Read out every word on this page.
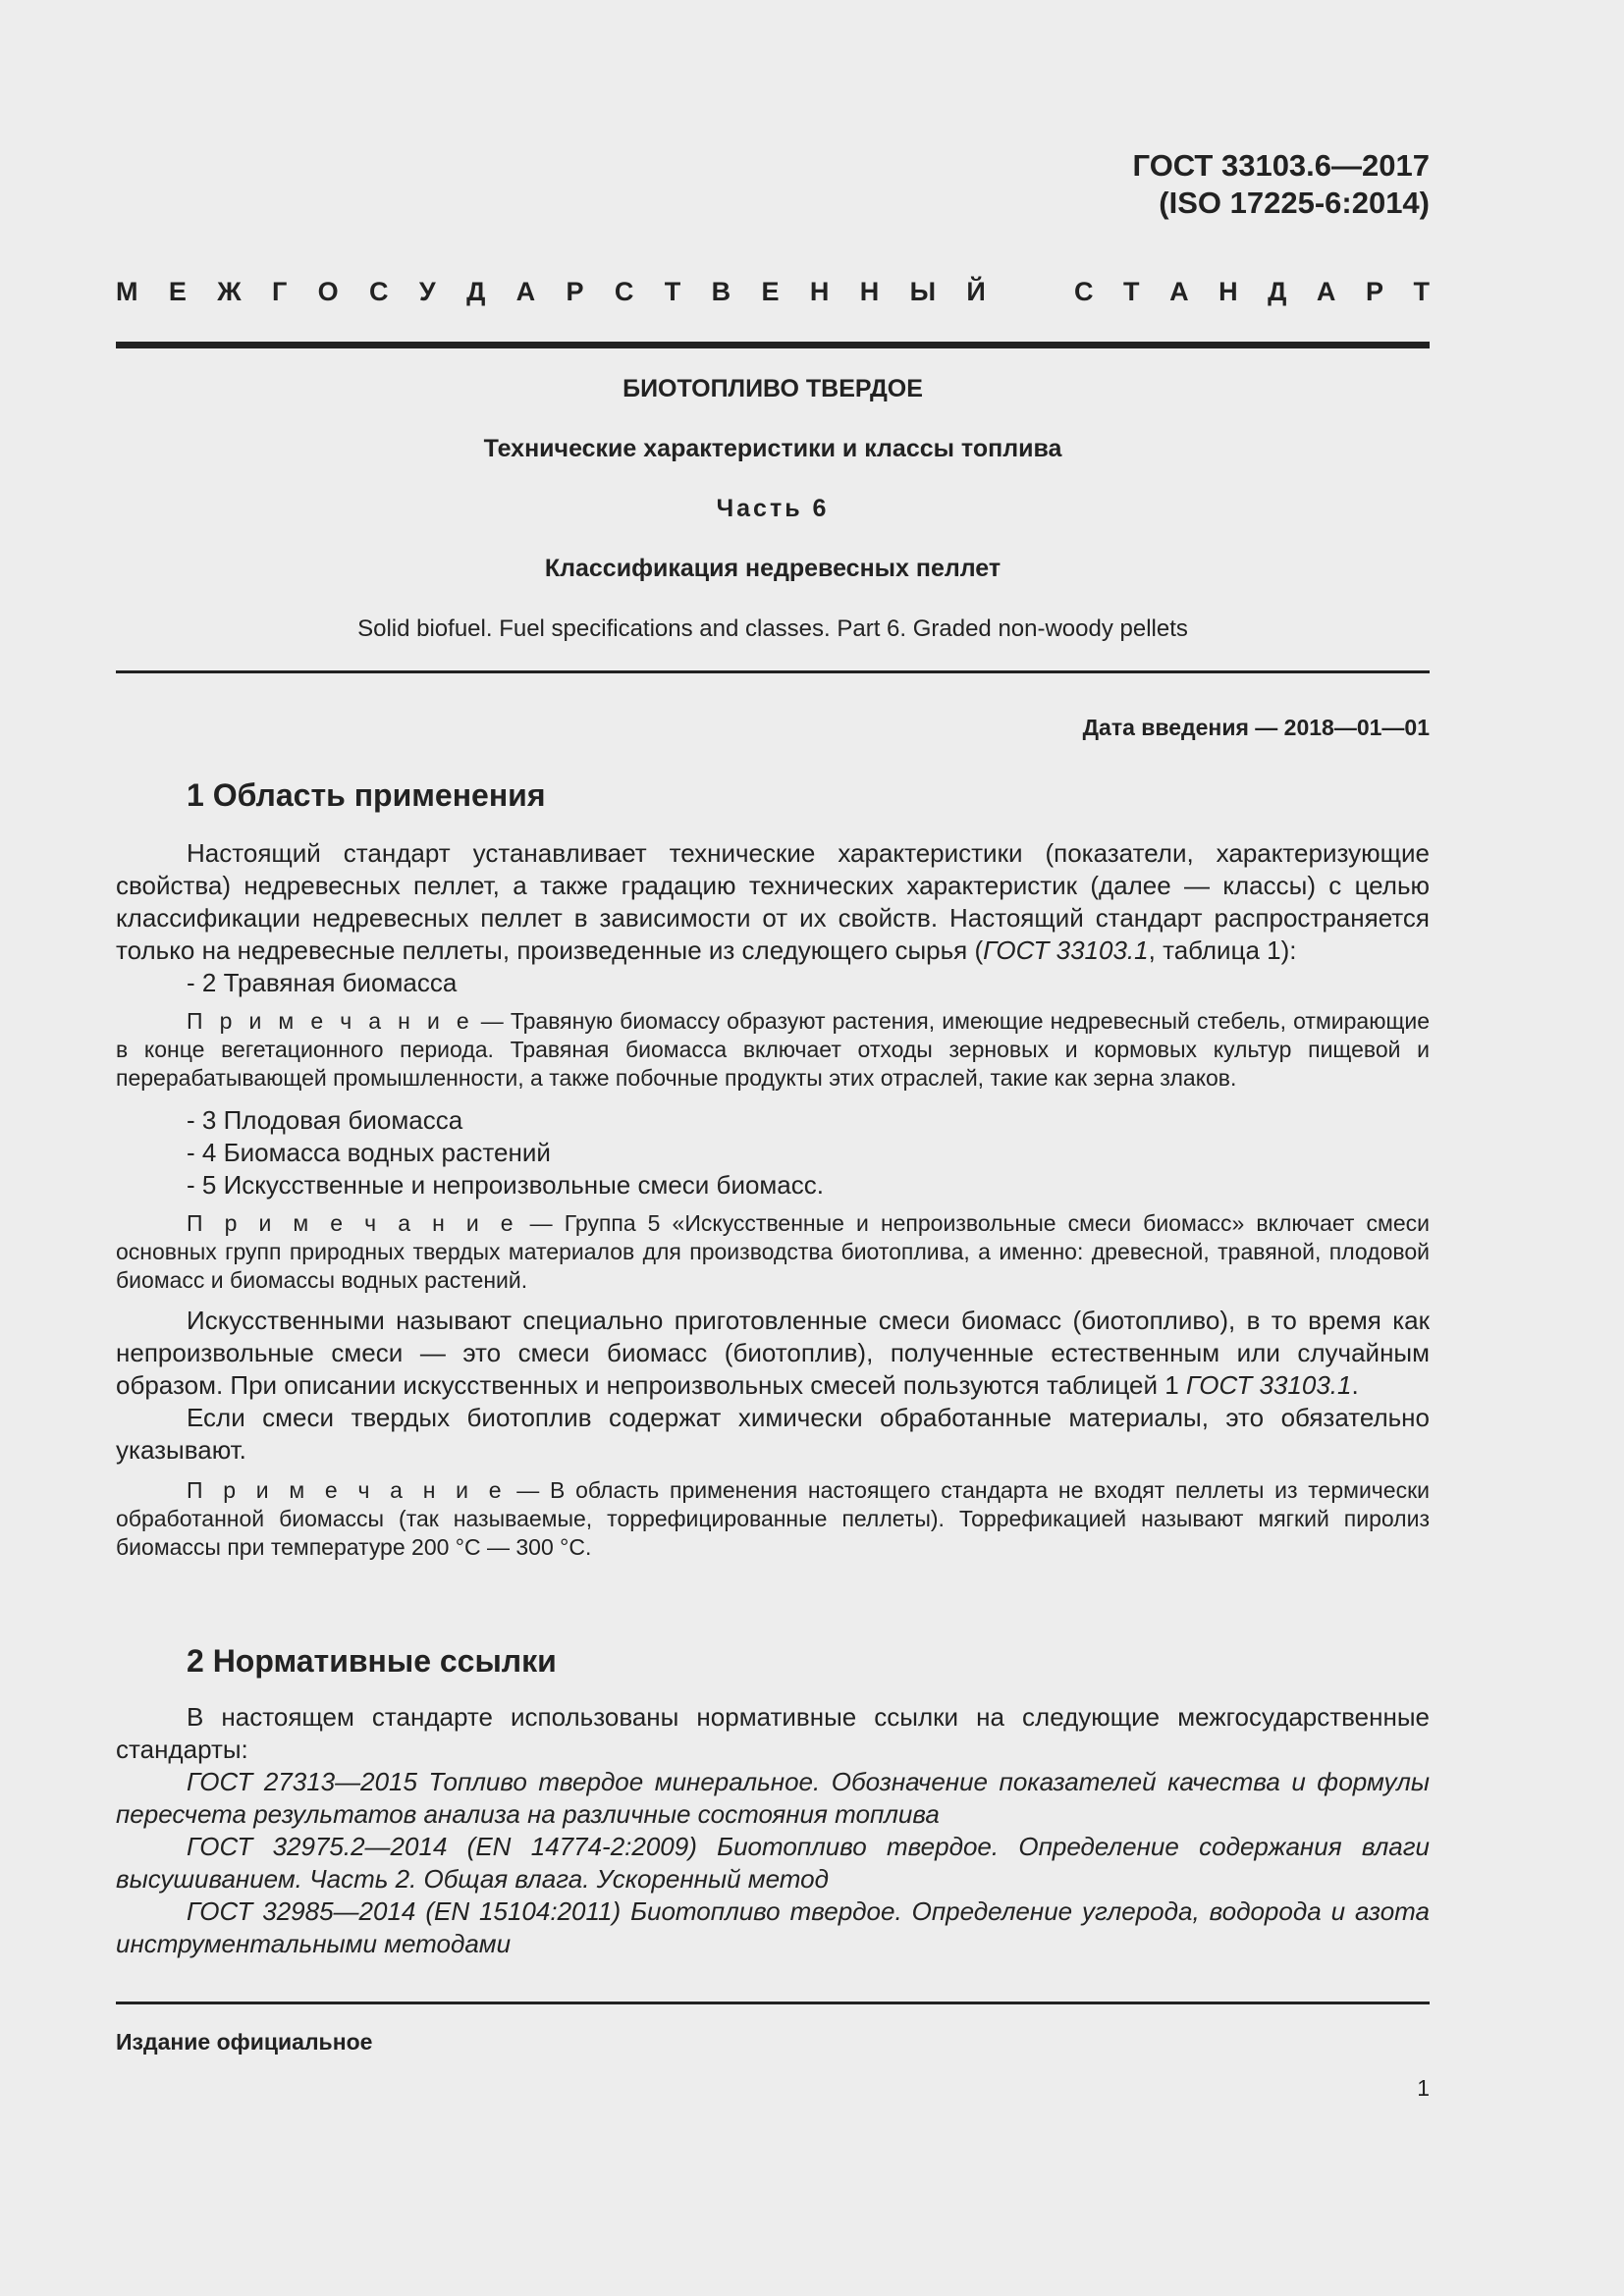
ГОСТ 33103.6—2017
(ISO 17225-6:2014)
М Е Ж Г О С У Д А Р С Т В Е Н Н Ы Й	С Т А Н Д А Р Т
БИОТОПЛИВО ТВЕРДОЕ
Технические характеристики и классы топлива
Часть 6
Классификация недревесных пеллет
Solid biofuel. Fuel specifications and classes. Part 6. Graded non-woody pellets
Дата введения — 2018—01—01
1 Область применения

Настоящий стандарт устанавливает технические характеристики (показатели, характеризующие свойства) недревесных пеллет, а также градацию технических характеристик (далее — классы) с целью классификации недревесных пеллет в зависимости от их свойств. Настоящий стандарт распространяется только на недревесные пеллеты, произведенные из следующего сырья (ГОСТ 33103.1, таблица 1):

- 2 Травяная биомасса

П р и м е ч а н и е — Травяную биомассу образуют растения, имеющие недревесный стебель, отмирающие в конце вегетационного периода. Травяная биомасса включает отходы зерновых и кормовых культур пищевой и перерабатывающей промышленности, а также побочные продукты этих отраслей, такие как зерна злаков.

- 3 Плодовая биомасса

- 4 Биомасса водных растений

- 5 Искусственные и непроизвольные смеси биомасс.

П р и м е ч а н и е — Группа 5 «Искусственные и непроизвольные смеси биомасс» включает смеси основных групп природных твердых материалов для производства биотоплива, а именно: древесной, травяной, плодовой биомасс и биомассы водных растений.

Искусственными называют специально приготовленные смеси биомасс (биотопливо), в то время как непроизвольные смеси — это смеси биомасс (биотоплив), полученные естественным или случайным образом. При описании искусственных и непроизвольных смесей пользуются таблицей 1 ГОСТ 33103.1.

Если смеси твердых биотоплив содержат химически обработанные материалы, это обязательно указывают.

П р и м е ч а н и е — В область применения настоящего стандарта не входят пеллеты из термически обработанной биомассы (так называемые, торрефицированные пеллеты). Торрефикацией называют мягкий пиролиз биомассы при температуре 200 °C — 300 °C.

2 Нормативные ссылки

В настоящем стандарте использованы нормативные ссылки на следующие межгосударственные стандарты:

ГОСТ 27313—2015 Топливо твердое минеральное. Обозначение показателей качества и формулы пересчета результатов анализа на различные состояния топлива

ГОСТ 32975.2—2014 (EN 14774-2:2009) Биотопливо твердое. Определение содержания влаги высушиванием. Часть 2. Общая влага. Ускоренный метод

ГОСТ 32985—2014 (EN 15104:2011) Биотопливо твердое. Определение углерода, водорода и азота инструментальными методами

Издание официальное
1
